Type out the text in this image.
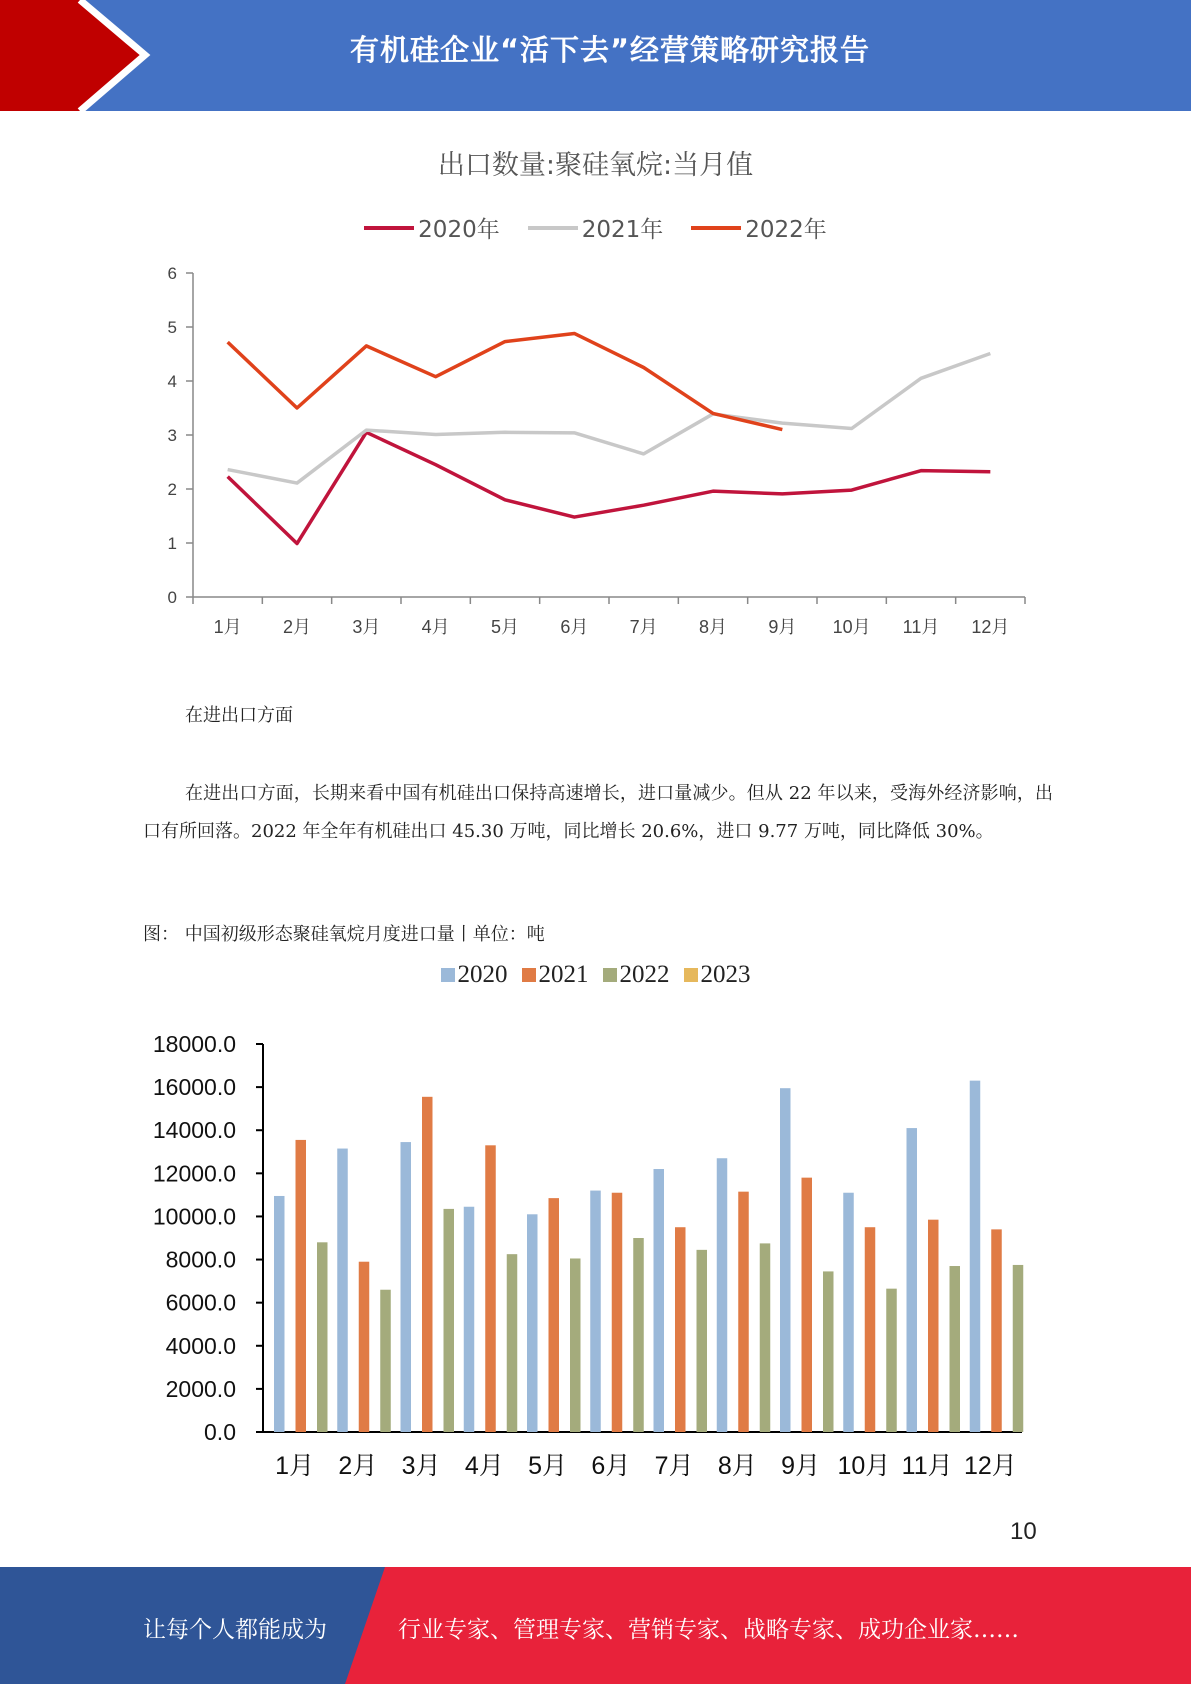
有机硅企业“活下去”经营策略研究报告
出口数量:聚硅氧烷:当月值
2020年	2021年	2022年
0
1
2
3
4
5
6
1月 2月 3月 4月 5月 6月 7月 8月 9月 10月 11月 12月
在进出口方面
在进出口方面，长期来看中国有机硅出口保持高速增长，进口量减少。但从 22 年以来，受海外经济影响，出口有所回落。2022 年全年有机硅出口 45.30 万吨，同比增长 20.6%，进口 9.77 万吨，同比降低 30%。
图： 中国初级形态聚硅氧烷月度进口量丨单位：吨
2020 2021 2022 2023
0.0
2000.0
4000.0
6000.0
8000.0
10000.0
12000.0
14000.0
16000.0
18000.0
1月 2月 3月 4月 5月 6月 7月 8月 9月 10月 11月 12月
10
让每个人都能成为	行业专家、管理专家、营销专家、战略专家、成功企业家……
